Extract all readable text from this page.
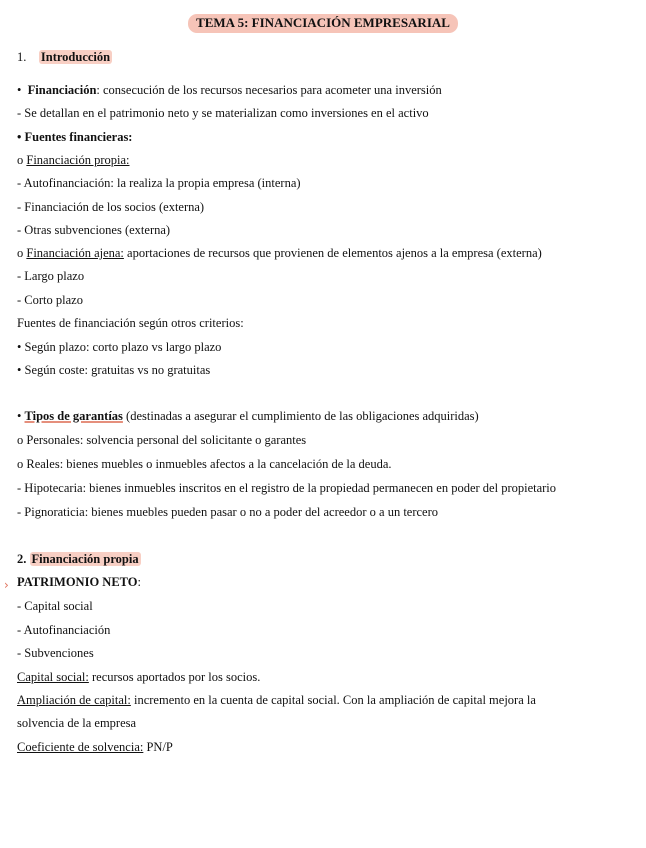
TEMA 5: FINANCIACIÓN EMPRESARIAL
1. Introducción
• Financiación: consecución de los recursos necesarios para acometer una inversión
- Se detallan en el patrimonio neto y se materializan como inversiones en el activo
• Fuentes financieras:
o Financiación propia:
- Autofinanciación: la realiza la propia empresa (interna)
- Financiación de los socios (externa)
- Otras subvenciones (externa)
o Financiación ajena: aportaciones de recursos que provienen de elementos ajenos a la empresa (externa)
- Largo plazo
- Corto plazo
Fuentes de financiación según otros criterios:
• Según plazo: corto plazo vs largo plazo
• Según coste: gratuitas vs no gratuitas
• Tipos de garantías (destinadas a asegurar el cumplimiento de las obligaciones adquiridas)
o Personales: solvencia personal del solicitante o garantes
o Reales: bienes muebles o inmuebles afectos a la cancelación de la deuda.
- Hipotecaria: bienes inmuebles inscritos en el registro de la propiedad permanecen en poder del propietario
- Pignoraticia: bienes muebles pueden pasar o no a poder del acreedor o a un tercero
2. Financiación propia
› PATRIMONIO NETO:
- Capital social
- Autofinanciación
- Subvenciones
Capital social: recursos aportados por los socios.
Ampliación de capital: incremento en la cuenta de capital social. Con la ampliación de capital mejora la
solvencia de la empresa
Coeficiente de solvencia: PN/P
